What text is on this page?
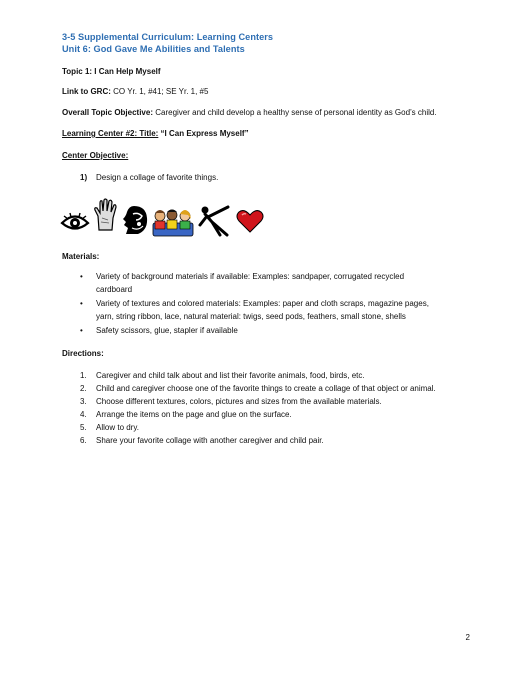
3-5 Supplemental Curriculum: Learning Centers
Unit 6: God Gave Me Abilities and Talents
Topic 1: I Can Help Myself
Link to GRC: CO Yr. 1, #41; SE Yr. 1, #5
Overall Topic Objective: Caregiver and child develop a healthy sense of personal identity as God’s child.
Learning Center #2: Title: “I Can Express Myself”
Center Objective:
1) Design a collage of favorite things.
Materials:
• Variety of background materials if available: Examples: sandpaper, corrugated recycled
cardboard
• Variety of textures and colored materials: Examples: paper and cloth scraps, magazine pages,
yarn, string ribbon, lace, natural material: twigs, seed pods, feathers, small stone, shells
• Safety scissors, glue, stapler if available
Directions:
1. Caregiver and child talk about and list their favorite animals, food, birds, etc.
2. Child and caregiver choose one of the favorite things to create a collage of that object or animal.
3. Choose different textures, colors, pictures and sizes from the available materials.
4. Arrange the items on the page and glue on the surface.
5. Allow to dry.
6. Share your favorite collage with another caregiver and child pair.
2
